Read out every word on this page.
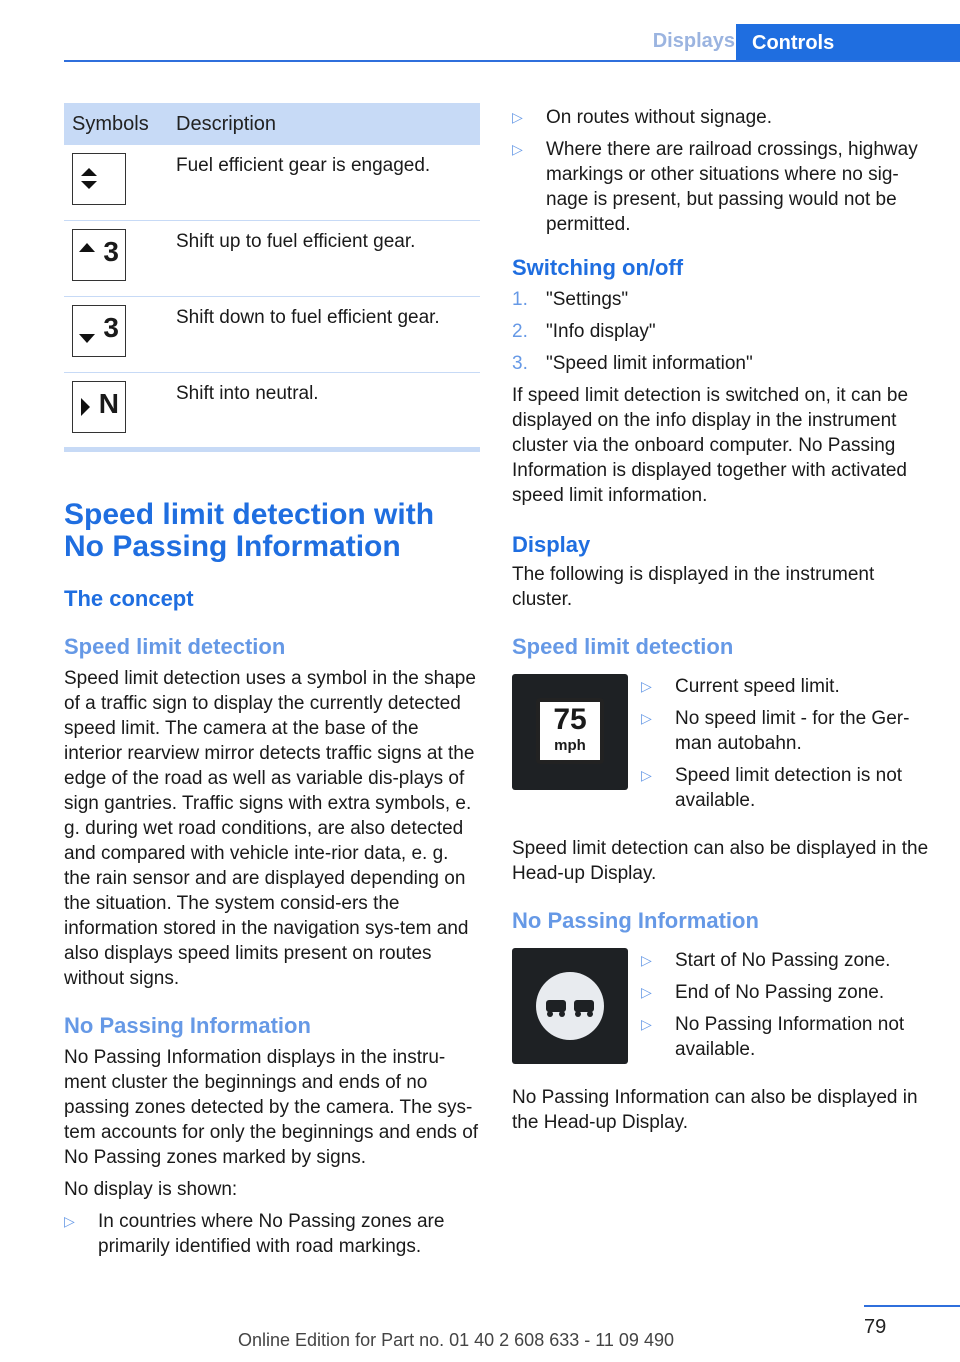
Displays Controls
Symbols	Description

Fuel efficient gear is engaged.

3	Shift up to fuel efficient gear.

3	Shift down to fuel efficient gear.

N	Shift into neutral.
Speed limit detection with No Passing Information
The concept
Speed limit detection

Speed limit detection uses a symbol in the shape of a traffic sign to display the currently detected speed limit. The camera at the base of the interior rearview mirror detects traffic signs at the edge of the road as well as variable dis-plays of sign gantries. Traffic signs with extra symbols, e. g. during wet road conditions, are also detected and compared with vehicle inte-rior data, e. g. the rain sensor and are displayed depending on the situation. The system consid-ers the information stored in the navigation sys-tem and also displays speed limits present on routes without signs.

No Passing Information

No Passing Information displays in the instru-ment cluster the beginnings and ends of no passing zones detected by the camera. The sys-tem accounts for only the beginnings and ends of No Passing zones marked by signs.

No display is shown:

▷ In countries where No Passing zones are primarily identified with road markings.
▷ On routes without signage.
▷ Where there are railroad crossings, highway markings or other situations where no sig-nage is present, but passing would not be permitted.
Switching on/off
1. "Settings"
2. "Info display"
3. "Speed limit information"

If speed limit detection is switched on, it can be displayed on the info display in the instrument cluster via the onboard computer. No Passing Information is displayed together with activated speed limit information.

Display

The following is displayed in the instrument cluster.

Speed limit detection
75
mph
▷ Current speed limit.
▷ No speed limit - for the Ger-man autobahn.
▷ Speed limit detection is not available.

Speed limit detection can also be displayed in the Head-up Display.

No Passing Information
▷ Start of No Passing zone.
▷ End of No Passing zone.
▷ No Passing Information not available.

No Passing Information can also be displayed in the Head-up Display.

79
Online Edition for Part no. 01 40 2 608 633 - 11 09 490
